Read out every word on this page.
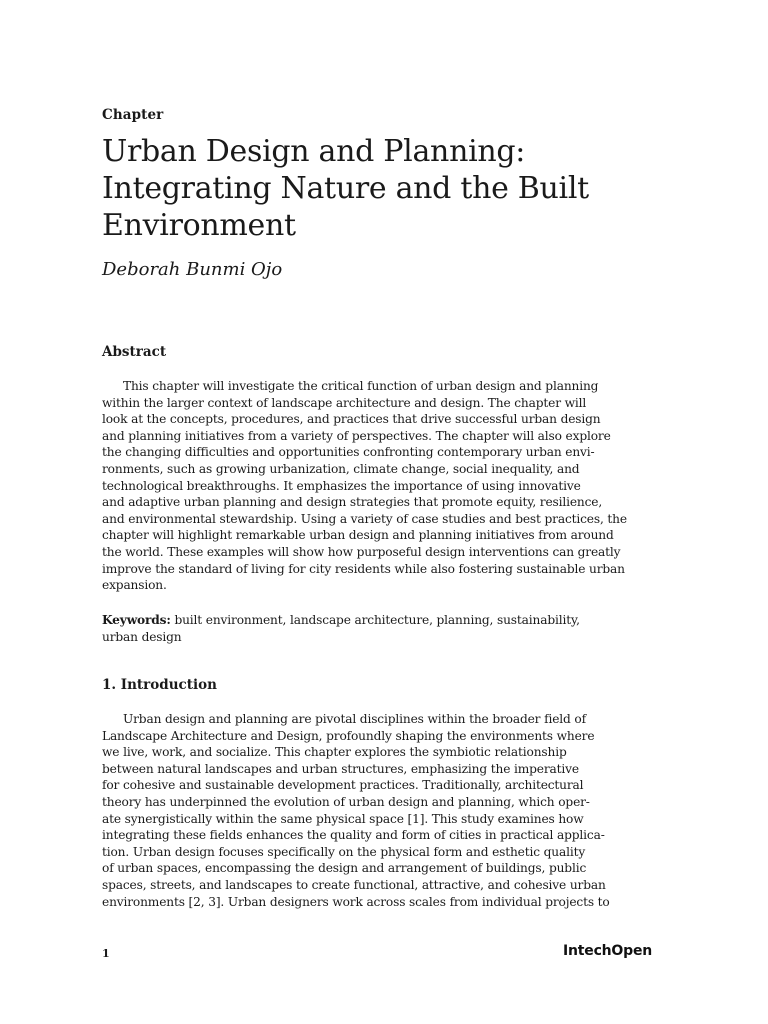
Chapter
Urban Design and Planning:
Integrating Nature and the Built
Environment
Deborah Bunmi Ojo
Abstract
This chapter will investigate the critical function of urban design and planning
within the larger context of landscape architecture and design. The chapter will
look at the concepts, procedures, and practices that drive successful urban design
and planning initiatives from a variety of perspectives. The chapter will also explore
the changing difficulties and opportunities confronting contemporary urban envi-
ronments, such as growing urbanization, climate change, social inequality, and
technological breakthroughs. It emphasizes the importance of using innovative
and adaptive urban planning and design strategies that promote equity, resilience,
and environmental stewardship. Using a variety of case studies and best practices, the
chapter will highlight remarkable urban design and planning initiatives from around
the world. These examples will show how purposeful design interventions can greatly
improve the standard of living for city residents while also fostering sustainable urban
expansion.
Keywords: built environment, landscape architecture, planning, sustainability,
urban design
1. Introduction
Urban design and planning are pivotal disciplines within the broader field of
Landscape Architecture and Design, profoundly shaping the environments where
we live, work, and socialize. This chapter explores the symbiotic relationship
between natural landscapes and urban structures, emphasizing the imperative
for cohesive and sustainable development practices. Traditionally, architectural
theory has underpinned the evolution of urban design and planning, which oper-
ate synergistically within the same physical space [1]. This study examines how
integrating these fields enhances the quality and form of cities in practical applica-
tion. Urban design focuses specifically on the physical form and esthetic quality
of urban spaces, encompassing the design and arrangement of buildings, public
spaces, streets, and landscapes to create functional, attractive, and cohesive urban
environments [2, 3]. Urban designers work across scales from individual projects to
1	IntechOpen
